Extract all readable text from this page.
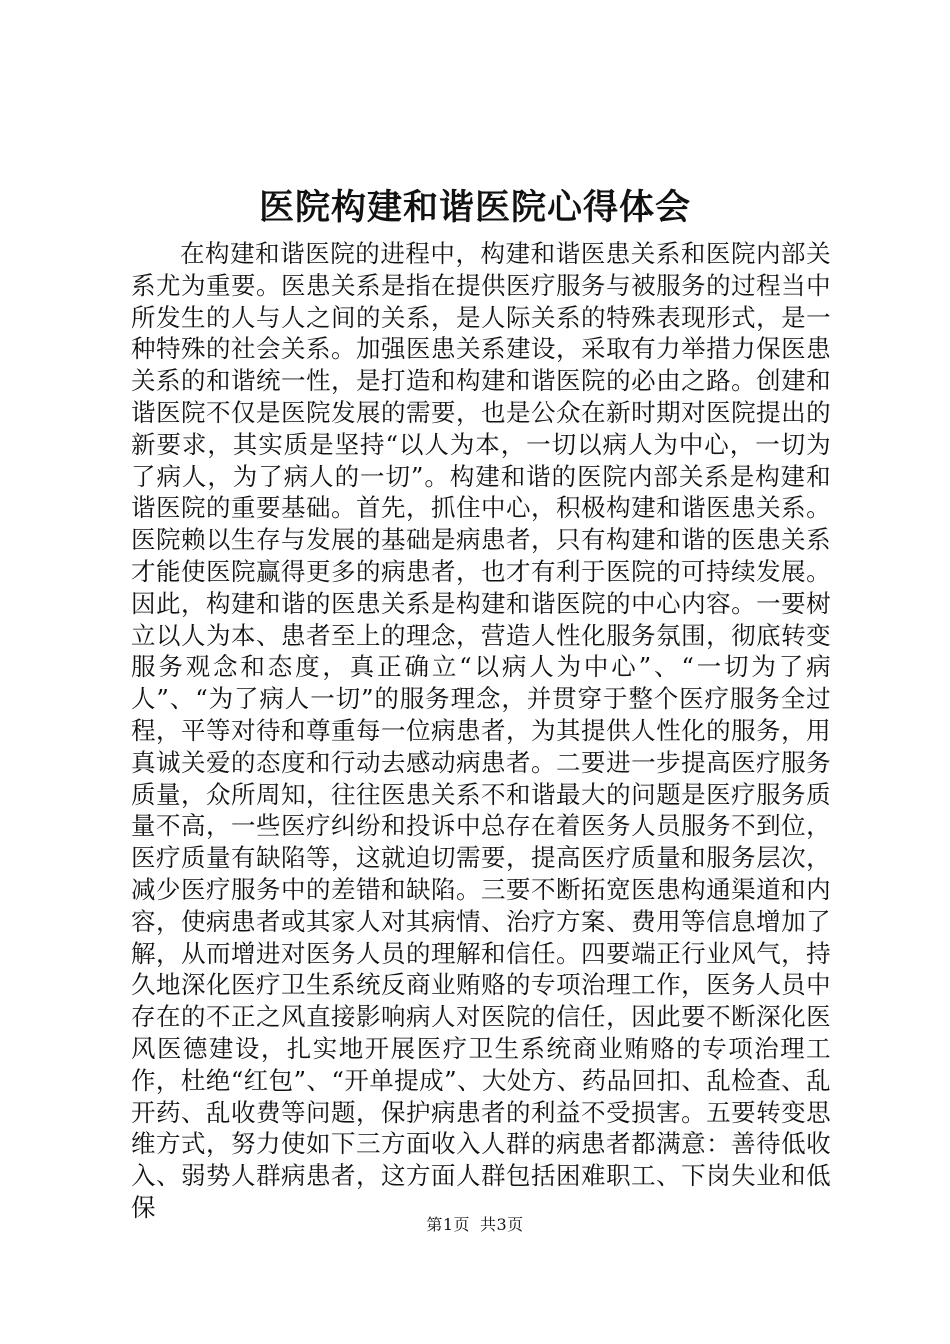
医院构建和谐医院心得体会

在构建和谐医院的进程中，构建和谐医患关系和医院内部关系尤为重要。医患关系是指在提供医疗服务与被服务的过程当中所发生的人与人之间的关系，是人际关系的特殊表现形式，是一种特殊的社会关系。加强医患关系建设，采取有力举措力保医患关系的和谐统一性，是打造和构建和谐医院的必由之路。创建和谐医院不仅是医院发展的需要，也是公众在新时期对医院提出的新要求，其实质是坚持“以人为本，一切以病人为中心，一切为了病人，为了病人的一切”。构建和谐的医院内部关系是构建和谐医院的重要基础。首先，抓住中心，积极构建和谐医患关系。医院赖以生存与发展的基础是病患者，只有构建和谐的医患关系才能使医院赢得更多的病患者，也才有利于医院的可持续发展。因此，构建和谐的医患关系是构建和谐医院的中心内容。一要树立以人为本、患者至上的理念，营造人性化服务氛围，彻底转变服务观念和态度，真正确立“以病人为中心”、“一切为了病人”、“为了病人一切”的服务理念，并贯穿于整个医疗服务全过程，平等对待和尊重每一位病患者，为其提供人性化的服务，用真诚关爱的态度和行动去感动病患者。二要进一步提高医疗服务质量，众所周知，往往医患关系不和谐最大的问题是医疗服务质量不高，一些医疗纠纷和投诉中总存在着医务人员服务不到位，医疗质量有缺陷等，这就迫切需要，提高医疗质量和服务层次，减少医疗服务中的差错和缺陷。三要不断拓宽医患构通渠道和内容，使病患者或其家人对其病情、治疗方案、费用等信息增加了解，从而增进对医务人员的理解和信任。四要端正行业风气，持久地深化医疗卫生系统反商业贿赂的专项治理工作，医务人员中存在的不正之风直接影响病人对医院的信任，因此要不断深化医风医德建设，扎实地开展医疗卫生系统商业贿赂的专项治理工作，杜绝“红包”、“开单提成”、大处方、药品回扣、乱检查、乱开药、乱收费等问题，保护病患者的利益不受损害。五要转变思维方式，努力使如下三方面收入人群的病患者都满意：善待低收入、弱势人群病患者，这方面人群包括困难职工、下岗失业和低保

第1页 共3页
